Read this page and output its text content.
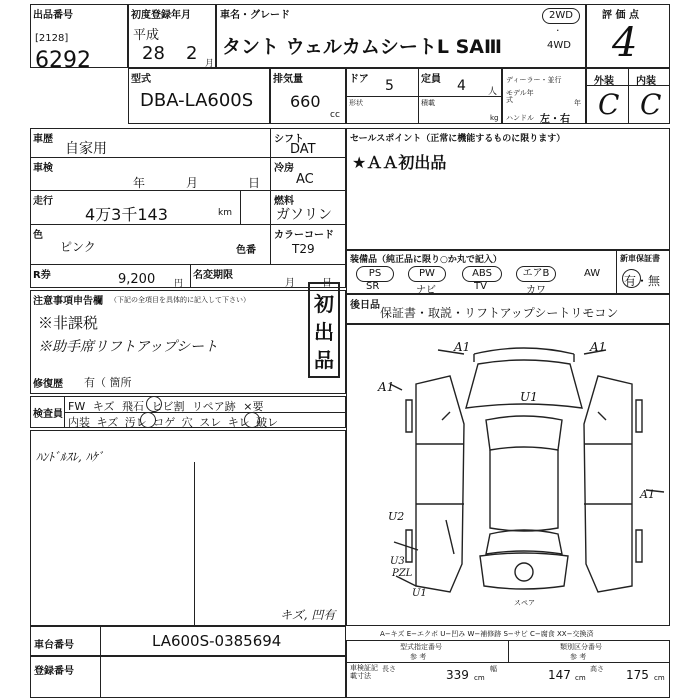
出品番号
[2128]
6292
初度登録年月
平成
28 2 月
車名・グレード
タント ウェルカムシートL SAⅢ
2WD
·
4WD
評 価 点
4
型式
DBA-LA600S
排気量
660
cc
ドア 5	定員 4 人
形状	積載
kg
ディーラー・並行
モデル年式	年
ハンドル 左・右
外装 内装
C C
車歴
自家用
シフト
DAT
車検
年	月	日
冷房
AC
走行
4万3千143	km
燃料
ガソリン
色
ピンク	色番
カラーコード
T29
R券	9,200 円
名変期限
月	日
セールスポイント（正常に機能するものに限ります）
★ＡＡ初出品
装備品（純正品に限り○か丸で記入）	新車保証書
PS	PW	ABS	エアB	AW
SR	ナビ	TV	カワ
有・無
後日品
保証書・取説・リフトアップシートリモコン
注意事項申告欄 （下記の全項目を具体的に記入して下さい）
※非課税
※助手席リフトアップシート
修復歴 有（ 箇所
初出品
検査員
FW キズ 飛石 ヒビ割 リペア跡 ×要
内装 キズ 汚レ コゲ 穴 スレ キレ 破レ
ﾊﾝﾄﾞﾙｽﾚ, ﾊｹﾞ
A1	A1
A1
U1
A1
U2
U3
PZL
U1
スペア
キズ, 凹有
A−キズ E−エクボ U−凹み W−補修跡 S−サビ C−腐食 XX−交換済
車台番号	LA600S-0385694
登録番号
型式指定番号
参 考
類別区分番号
参 考
車検証記載寸法
長さ	339 cm
幅	147 cm
高さ 175 cm
